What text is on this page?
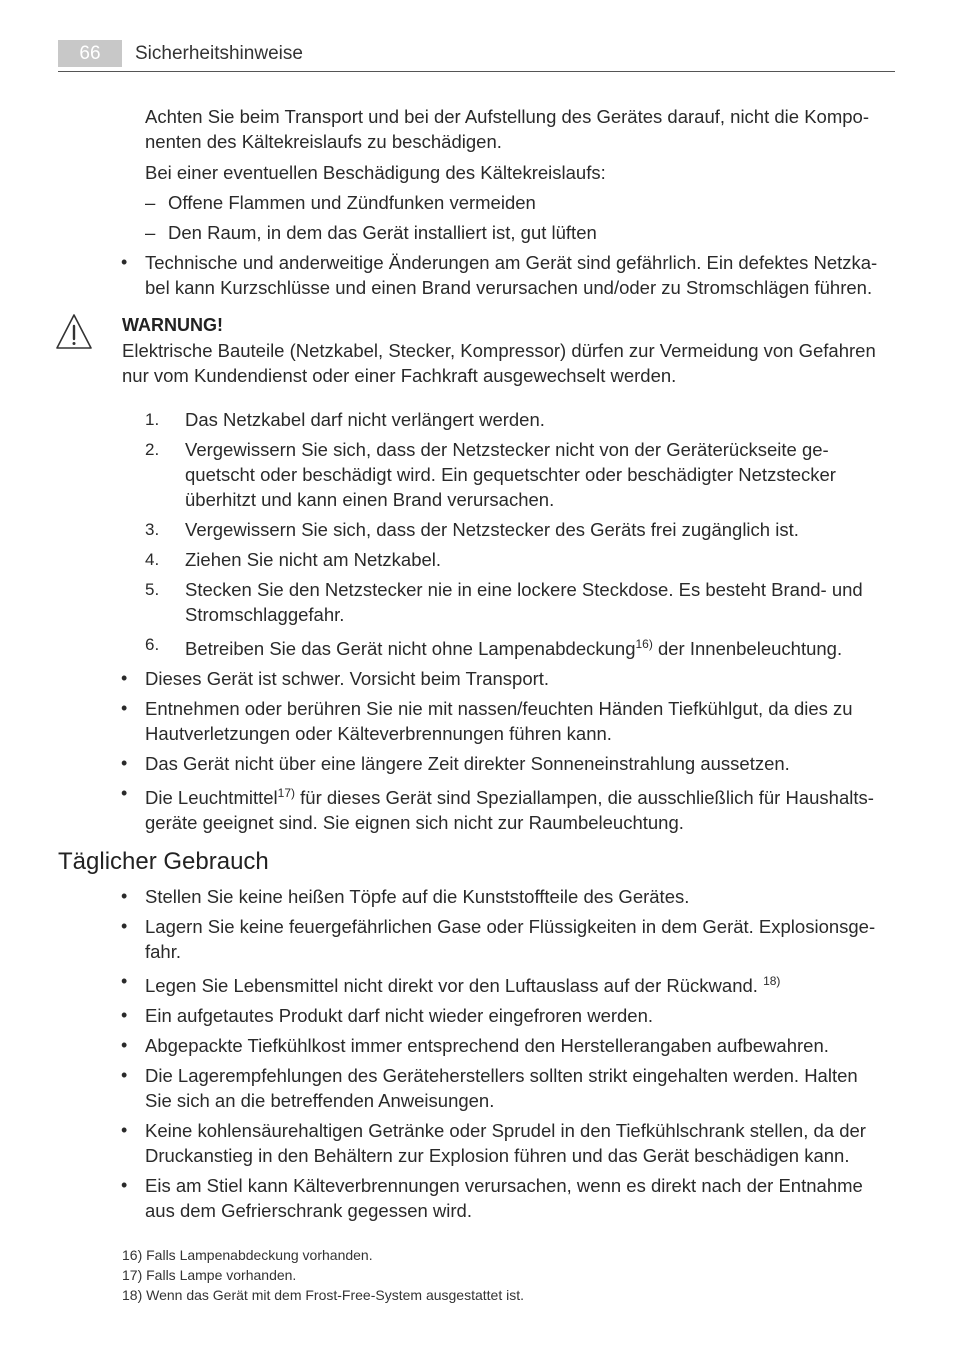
66	Sicherheitshinweise
Achten Sie beim Transport und bei der Aufstellung des Gerätes darauf, nicht die Kompo-
nenten des Kältekreislaufs zu beschädigen.
Bei einer eventuellen Beschädigung des Kältekreislaufs:
– Offene Flammen und Zündfunken vermeiden
– Den Raum, in dem das Gerät installiert ist, gut lüften
• Technische und anderweitige Änderungen am Gerät sind gefährlich. Ein defektes Netzka-
bel kann Kurzschlüsse und einen Brand verursachen und/oder zu Stromschlägen führen.
WARNUNG!
Elektrische Bauteile (Netzkabel, Stecker, Kompressor) dürfen zur Vermeidung von Gefahren
nur vom Kundendienst oder einer Fachkraft ausgewechselt werden.
1. Das Netzkabel darf nicht verlängert werden.
2. Vergewissern Sie sich, dass der Netzstecker nicht von der Geräterückseite ge-
quetscht oder beschädigt wird. Ein gequetschter oder beschädigter Netzstecker
überhitzt und kann einen Brand verursachen.
3. Vergewissern Sie sich, dass der Netzstecker des Geräts frei zugänglich ist.
4. Ziehen Sie nicht am Netzkabel.
5. Stecken Sie den Netzstecker nie in eine lockere Steckdose. Es besteht Brand- und
Stromschlaggefahr.
6. Betreiben Sie das Gerät nicht ohne Lampenabdeckung$^{16)}$ der Innenbeleuchtung.
• Dieses Gerät ist schwer. Vorsicht beim Transport.
• Entnehmen oder berühren Sie nie mit nassen/feuchten Händen Tiefkühlgut, da dies zu
Hautverletzungen oder Kälteverbrennungen führen kann.
• Das Gerät nicht über eine längere Zeit direkter Sonneneinstrahlung aussetzen.
• Die Leuchtmittel$^{17)}$ für dieses Gerät sind Speziallampen, die ausschließlich für Haushalts-
geräte geeignet sind. Sie eignen sich nicht zur Raumbeleuchtung.
Täglicher Gebrauch
• Stellen Sie keine heißen Töpfe auf die Kunststoffteile des Gerätes.
• Lagern Sie keine feuergefährlichen Gase oder Flüssigkeiten in dem Gerät. Explosionsge-
fahr.
• Legen Sie Lebensmittel nicht direkt vor den Luftauslass auf der Rückwand. $^{18)}$
• Ein aufgetautes Produkt darf nicht wieder eingefroren werden.
• Abgepackte Tiefkühlkost immer entsprechend den Herstellerangaben aufbewahren.
• Die Lagerempfehlungen des Geräteherstellers sollten strikt eingehalten werden. Halten
Sie sich an die betreffenden Anweisungen.
• Keine kohlensäurehaltigen Getränke oder Sprudel in den Tiefkühlschrank stellen, da der
Druckanstieg in den Behältern zur Explosion führen und das Gerät beschädigen kann.
• Eis am Stiel kann Kälteverbrennungen verursachen, wenn es direkt nach der Entnahme
aus dem Gefrierschrank gegessen wird.
16) Falls Lampenabdeckung vorhanden.
17) Falls Lampe vorhanden.
18) Wenn das Gerät mit dem Frost-Free-System ausgestattet ist.
